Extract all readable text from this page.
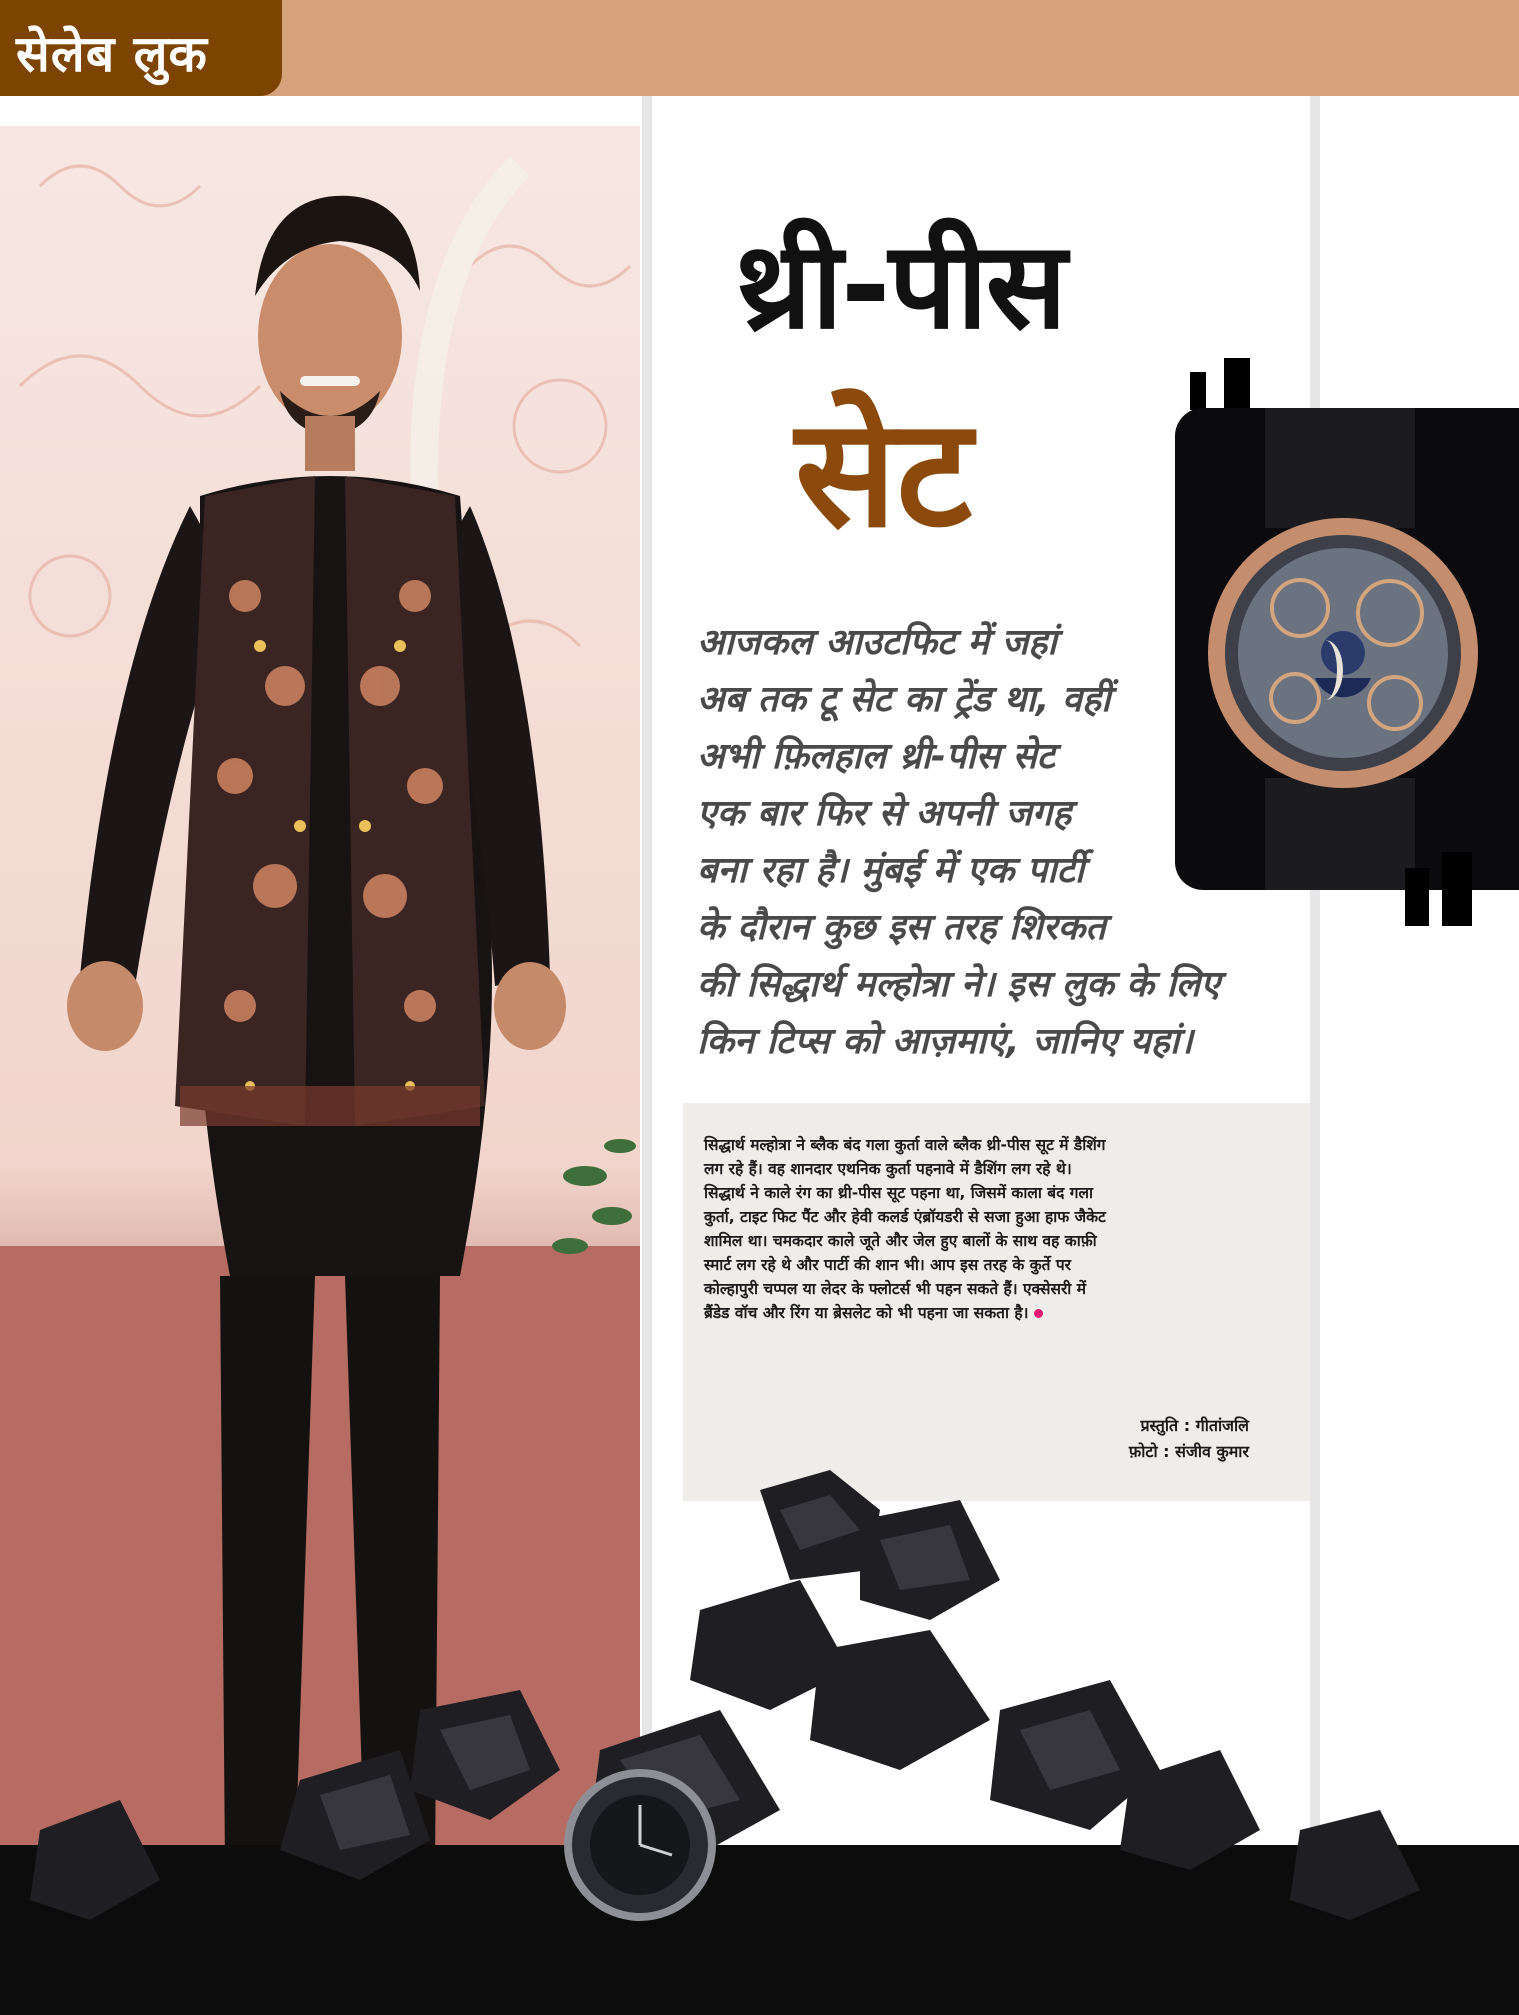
सेलेब लुक
थ्री-पीस
सेट
आजकल आउटफिट में जहां
अब तक टू सेट का ट्रेंड था, वहीं
अभी फ़िलहाल थ्री-पीस सेट
एक बार फिर से अपनी जगह
बना रहा है। मुंबई में एक पार्टी
के दौरान कुछ इस तरह शिरकत
की सिद्धार्थ मल्होत्रा ने। इस लुक के लिए
किन टिप्स को आज़माएं, जानिए यहां।
सिद्धार्थ मल्होत्रा ने ब्लैक बंद गला कुर्ता वाले ब्लैक थ्री-पीस सूट में डैशिंग
लग रहे हैं। वह शानदार एथनिक कुर्ता पहनावे में डैशिंग लग रहे थे।
सिद्धार्थ ने काले रंग का थ्री-पीस सूट पहना था, जिसमें काला बंद गला
कुर्ता, टाइट फिट पैंट और हेवी कलर्ड एंब्रॉयडरी से सजा हुआ हाफ जैकेट
शामिल था। चमकदार काले जूते और जेल हुए बालों के साथ वह काफ़ी
स्मार्ट लग रहे थे और पार्टी की शान भी। आप इस तरह के कुर्ते पर
कोल्हापुरी चप्पल या लेदर के फ्लोटर्स भी पहन सकते हैं। एक्सेसरी में
ब्रैंडेड वॉच और रिंग या ब्रेसलेट को भी पहना जा सकता है।
प्रस्तुति : गीतांजलि
फ़ोटो : संजीव कुमार
